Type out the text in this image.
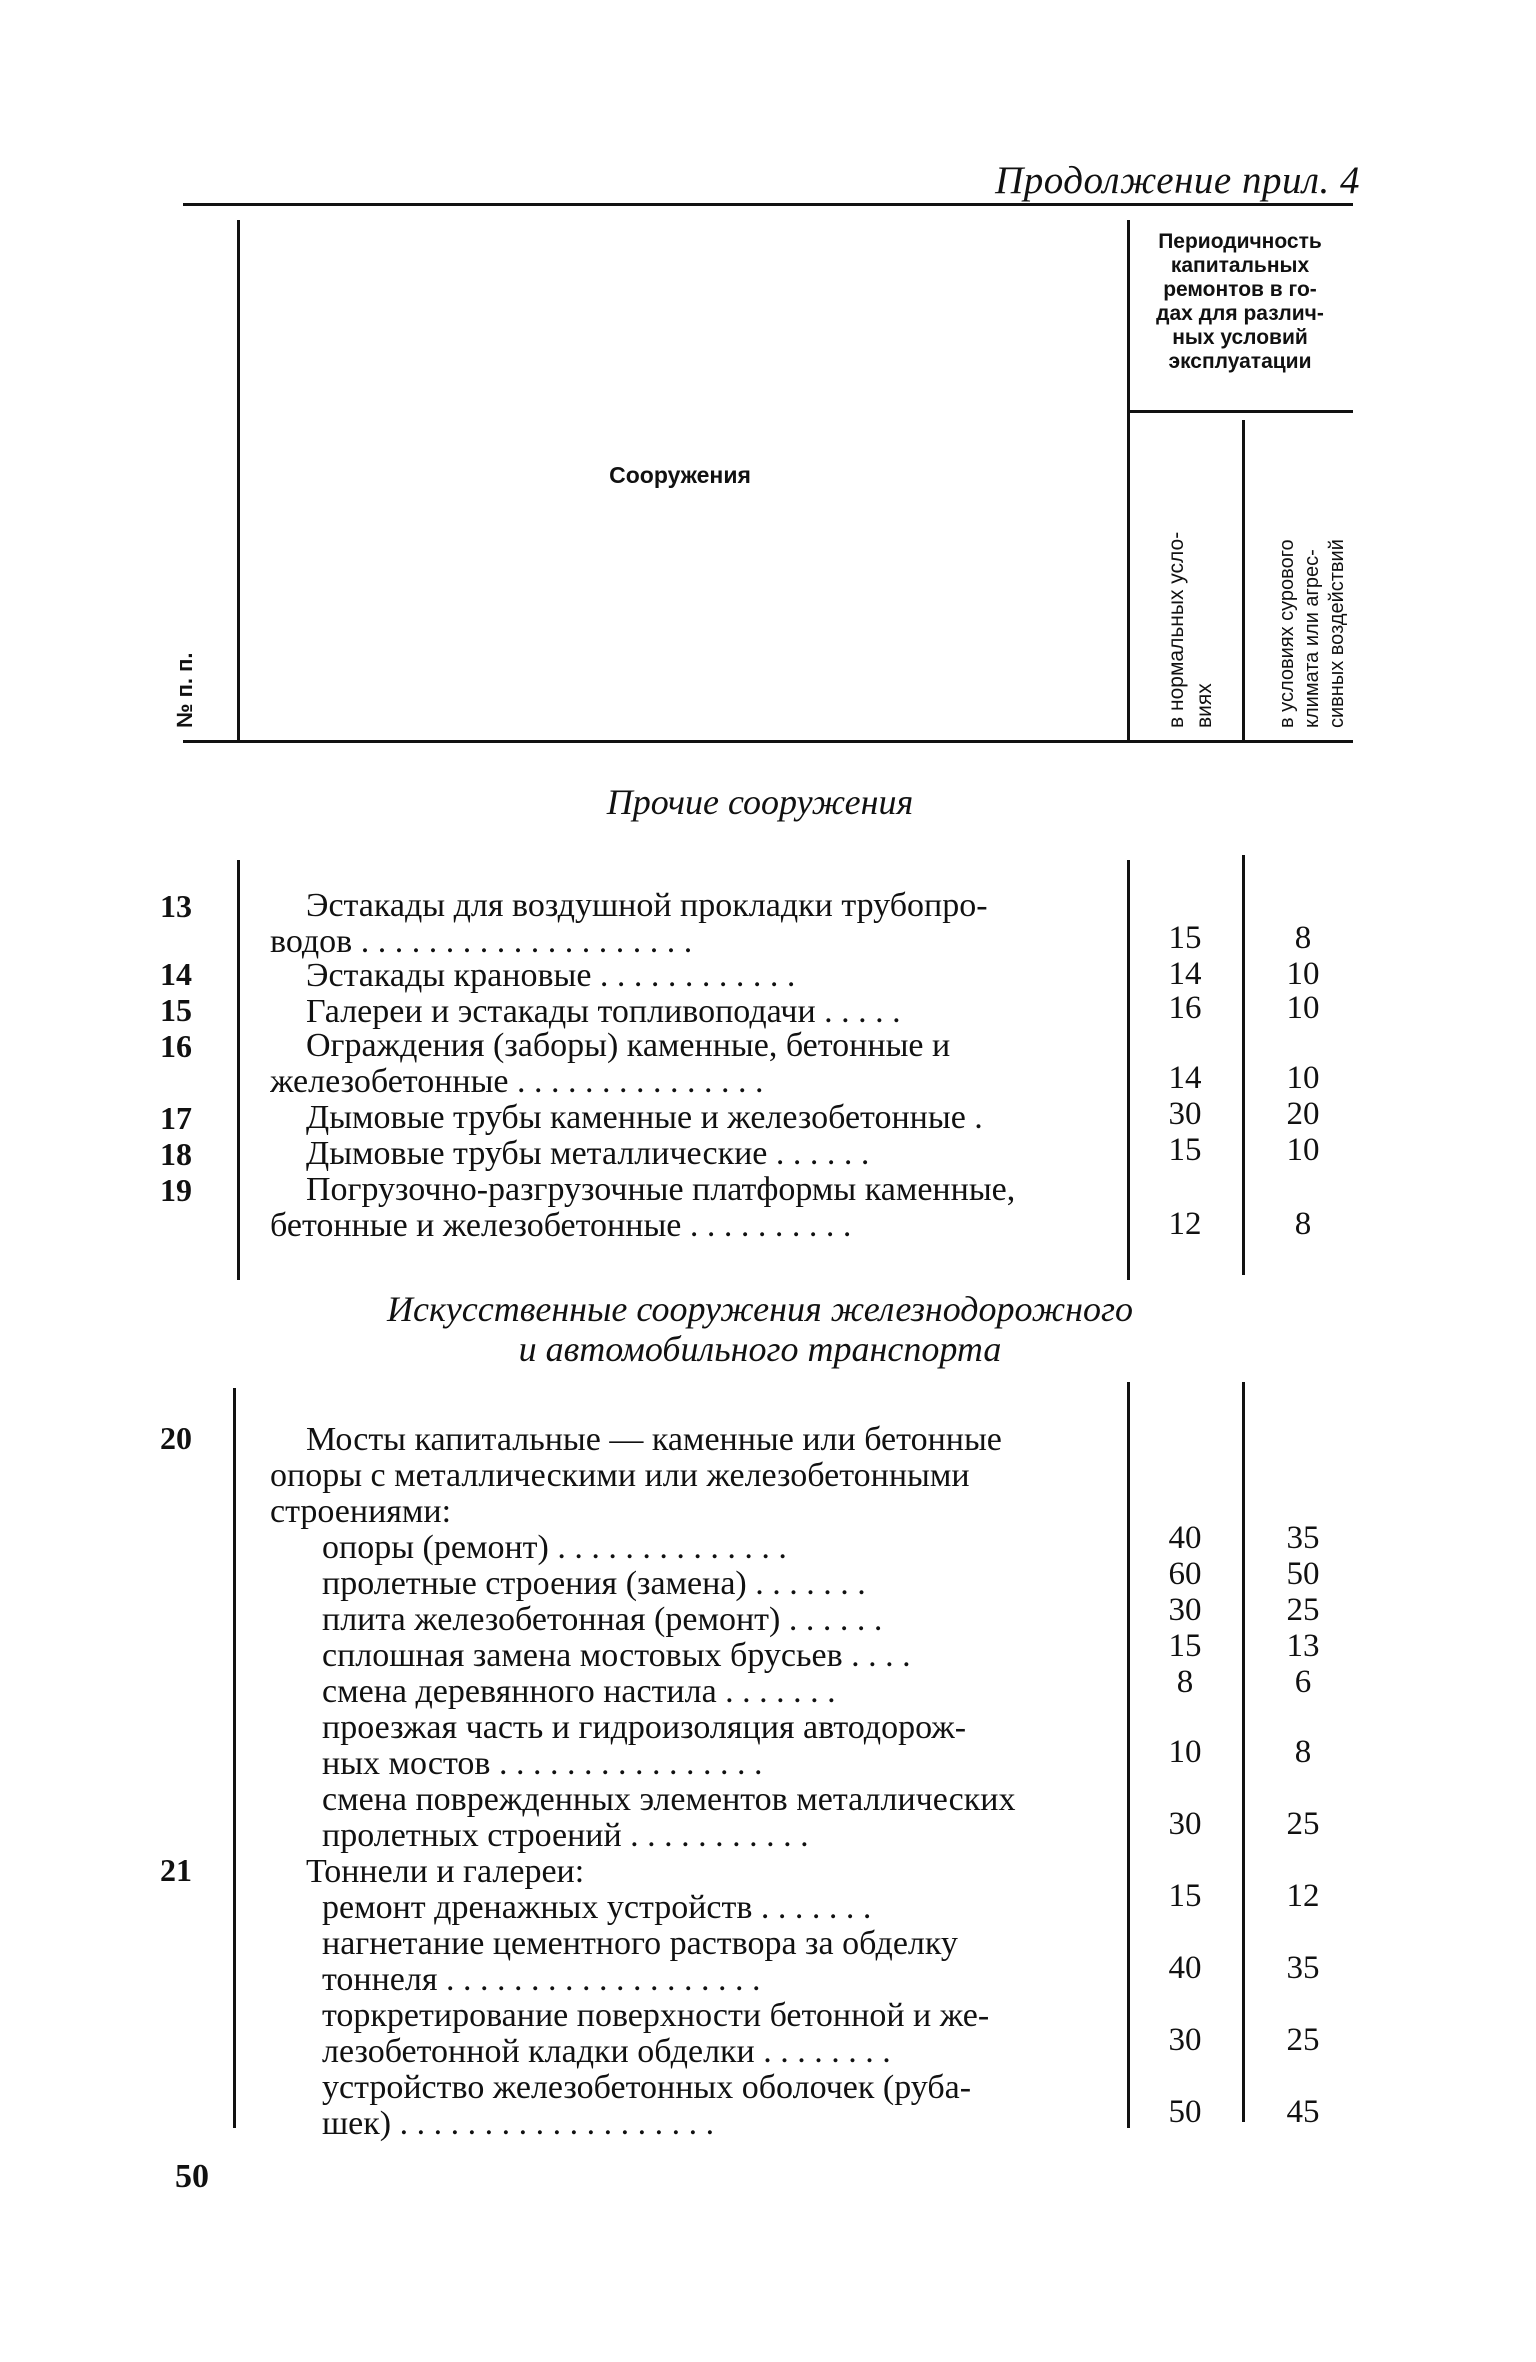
Продолжение прил. 4
Периодичность
капитальных
ремонтов в го-
дах для различ-
ных условий
эксплуатации
Сооружения
№ п. п.	в нормальных усло- виях	в условиях сурового климата или агрес- сивных воздействий
Прочие сооружения
13	Эстакады для воздушной прокладки трубопро-
водов . . . . . . . . . . . . . . . . . . . .	15	8
14	Эстакады крановые . . . . . . . . . . . .	14	10
15	Галереи и эстакады топливоподачи . . . . .	16	10
16	Ограждения (заборы) каменные, бетонные и
железобетонные . . . . . . . . . . . . . . .	14	10
17	Дымовые трубы каменные и железобетонные .	30	20
18	Дымовые трубы металлические . . . . . .	15	10
19	Погрузочно-разгрузочные платформы каменные,
бетонные и железобетонные . . . . . . . . . .	12	8
Искусственные сооружения железнодорожного
и автомобильного транспорта
20	Мосты капитальные — каменные или бетонные
опоры с металлическими или железобетонными
строениями:
опоры (ремонт) . . . . . . . . . . . . . .	40	35
пролетные строения (замена) . . . . . . .	60	50
плита железобетонная (ремонт) . . . . . .	30	25
сплошная замена мостовых брусьев . . . .	15	13
смена деревянного настила . . . . . . .	8	6
проезжая часть и гидроизоляция автодорож-
ных мостов . . . . . . . . . . . . . . . .	10	8
смена поврежденных элементов металлических
пролетных строений . . . . . . . . . . .	30	25
21	Тоннели и галереи:
ремонт дренажных устройств . . . . . . .	15	12
нагнетание цементного раствора за обделку
тоннеля . . . . . . . . . . . . . . . . . . .	40	35
торкретирование поверхности бетонной и же-
лезобетонной кладки обделки . . . . . . . .	30	25
устройство железобетонных оболочек (руба-
шек) . . . . . . . . . . . . . . . . . . .	50	45
50
